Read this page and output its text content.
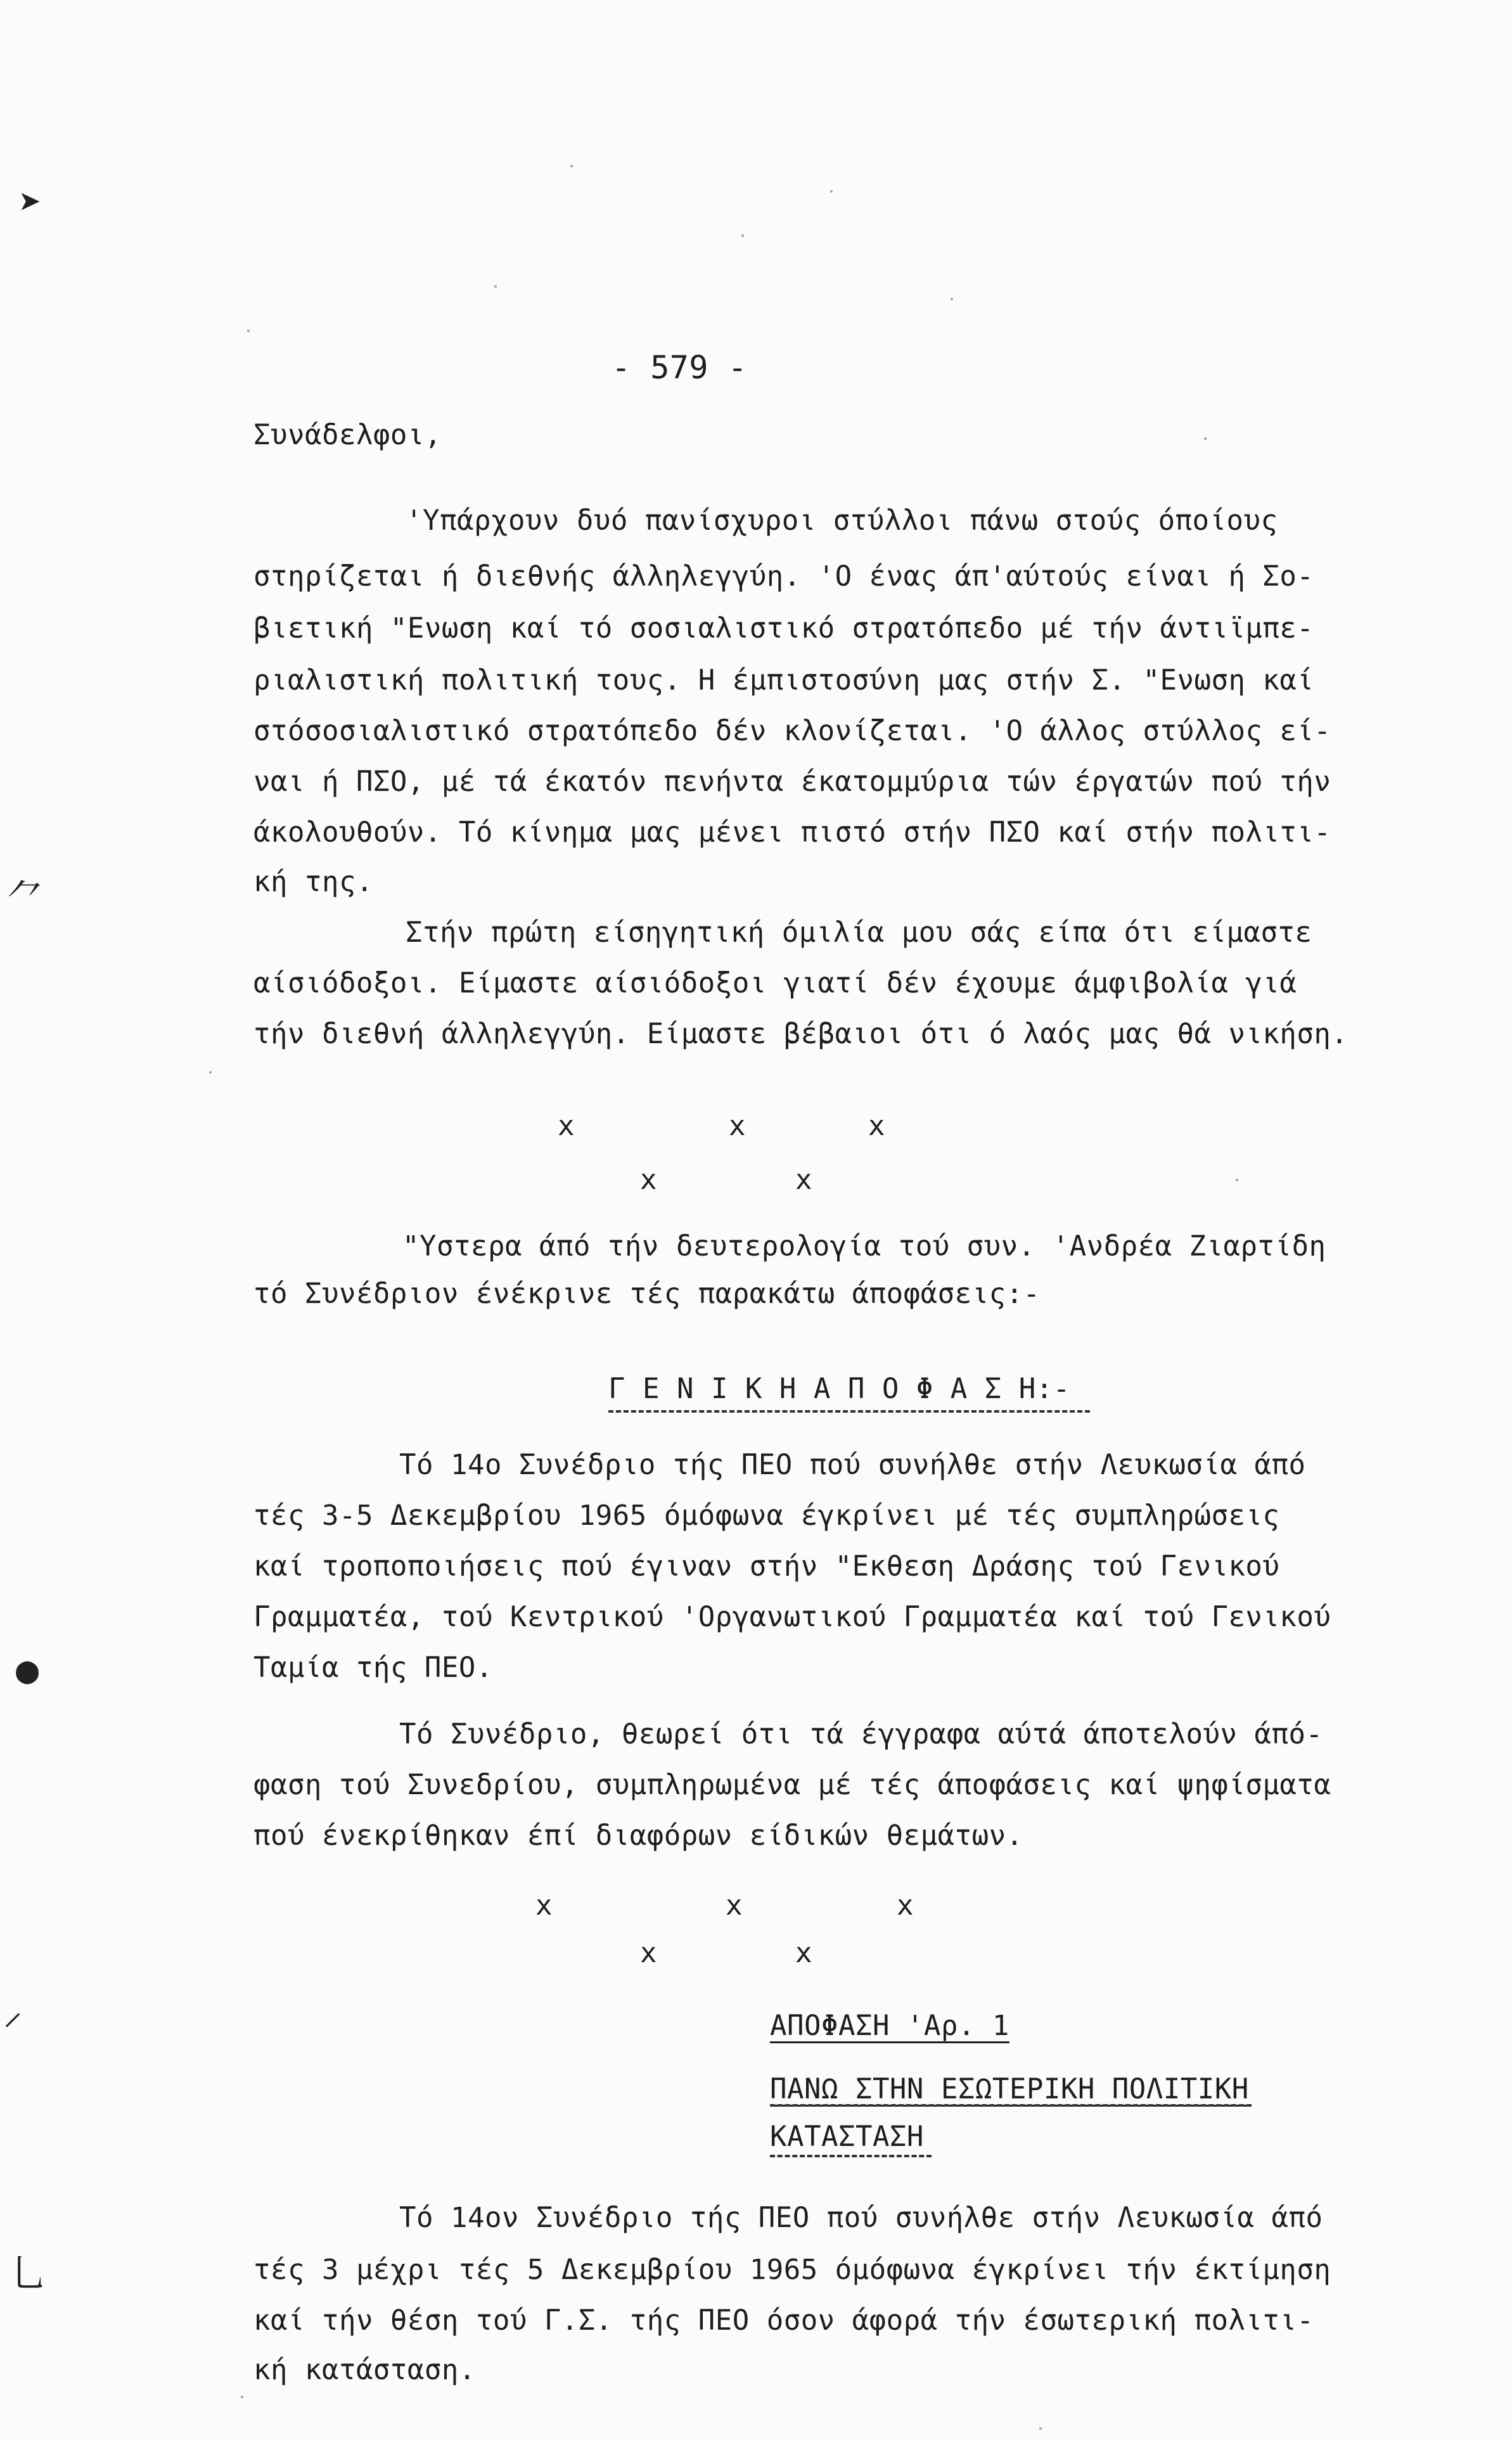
➤
⺈
●
⸝
⺃
- 579 -
Συνάδελφοι,
'Υπάρχουν δυό πανίσχυροι στύλλοι πάνω στούς όποίους
στηρίζεται ή διεθνής άλληλεγγύη. 'Ο ένας άπ'αύτούς είναι ή Σο-
βιετική "Ενωση καί τό σοσιαλιστικό στρατόπεδο μέ τήν άντιϊμπε-
ριαλιστική πολιτική τους. Η έμπιστοσύνη μας στήν Σ. "Ενωση καί
στόσοσιαλιστικό στρατόπεδο δέν κλονίζεται. 'Ο άλλος στύλλος εί-
ναι ή ΠΣΟ, μέ τά έκατόν πενήντα έκατομμύρια τών έργατών πού τήν
άκολουθούν. Τό κίνημα μας μένει πιστό στήν ΠΣΟ καί στήν πολιτι-
κή της.
Στήν πρώτη είσηγητική όμιλία μου σάς είπα ότι είμαστε
αίσιόδοξοι. Είμαστε αίσιόδοξοι γιατί δέν έχουμε άμφιβολία γιά
τήν διεθνή άλληλεγγύη. Είμαστε βέβαιοι ότι ό λαός μας θά νικήση.
x	x	x
x	x
"Υστερα άπό τήν δευτερολογία τού συν. 'Ανδρέα Ζιαρτίδη
τό Συνέδριον ένέκρινε τές παρακάτω άποφάσεις:-
Γ Ε Ν Ι Κ Η Α Π Ο Φ Α Σ Η:-
Τό 14ο Συνέδριο τής ΠΕΟ πού συνήλθε στήν Λευκωσία άπό
τές 3-5 Δεκεμβρίου 1965 όμόφωνα έγκρίνει μέ τές συμπληρώσεις
καί τροποποιήσεις πού έγιναν στήν "Εκθεση Δράσης τού Γενικού
Γραμματέα, τού Κεντρικού 'Οργανωτικού Γραμματέα καί τού Γενικού
Ταμία τής ΠΕΟ.
Τό Συνέδριο, θεωρεί ότι τά έγγραφα αύτά άποτελούν άπό-
φαση τού Συνεδρίου, συμπληρωμένα μέ τές άποφάσεις καί ψηφίσματα
πού ένεκρίθηκαν έπί διαφόρων είδικών θεμάτων.
x	x	x
x	x
ΑΠΟΦΑΣΗ 'Αρ. 1
ΠΑΝΩ ΣΤΗΝ ΕΣΩΤΕΡΙΚΗ ΠΟΛΙΤΙΚΗ
ΚΑΤΑΣΤΑΣΗ
Τό 14ον Συνέδριο τής ΠΕΟ πού συνήλθε στήν Λευκωσία άπό
τές 3 μέχρι τές 5 Δεκεμβρίου 1965 όμόφωνα έγκρίνει τήν έκτίμηση
καί τήν θέση τού Γ.Σ. τής ΠΕΟ όσον άφορά τήν έσωτερική πολιτι-
κή κατάσταση.
